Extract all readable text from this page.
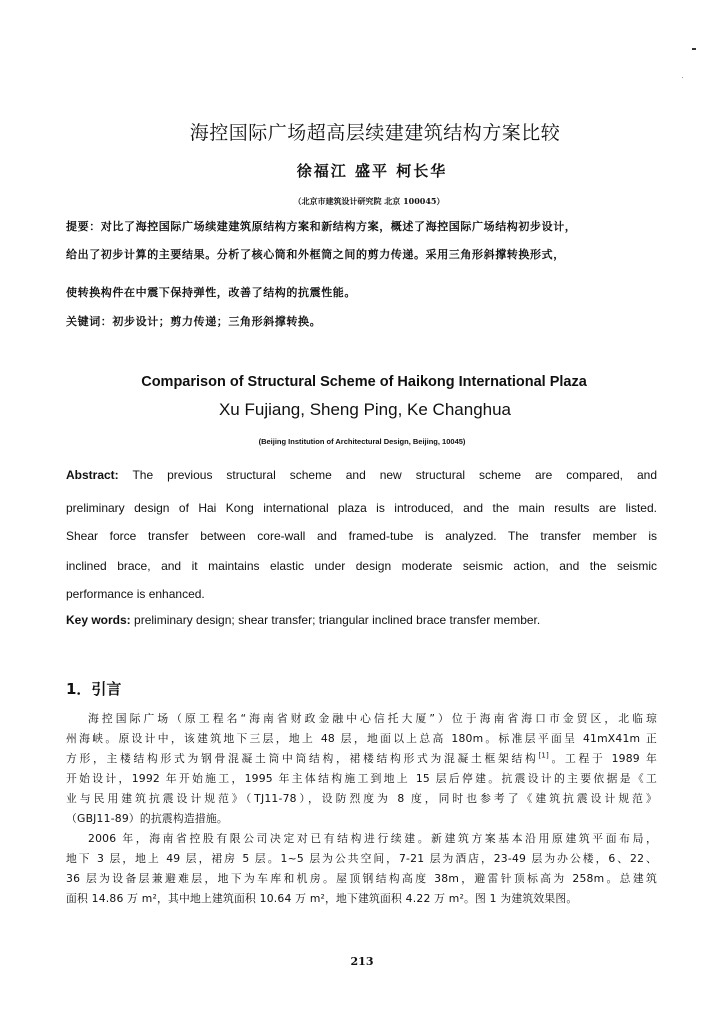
海控国际广场超高层续建建筑结构方案比较
徐福江 盛平 柯长华
（北京市建筑设计研究院 北京 100045）
提要：对比了海控国际广场续建建筑原结构方案和新结构方案，概述了海控国际广场结构初步设计，
给出了初步计算的主要结果。分析了核心筒和外框筒之间的剪力传递。采用三角形斜撑转换形式，
使转换构件在中震下保持弹性，改善了结构的抗震性能。
关键词：初步设计；剪力传递；三角形斜撑转换。
Comparison of Structural Scheme of Haikong International Plaza
Xu Fujiang, Sheng Ping, Ke Changhua
(Beijing Institution of Architectural Design, Beijing, 10045)
Abstract: The previous structural scheme and new structural scheme are compared, and
preliminary design of Hai Kong international plaza is introduced, and the main results are listed.
Shear force transfer between core-wall and framed-tube is analyzed. The transfer member is
inclined brace, and it maintains elastic under design moderate seismic action, and the seismic
performance is enhanced.
Key words: preliminary design; shear transfer; triangular inclined brace transfer member.
1．引言
海控国际广场（原工程名“海南省财政金融中心信托大厦”）位于海南省海口市金贸区，北临琼
州海峡。原设计中，该建筑地下三层，地上 48 层，地面以上总高 180m。标准层平面呈 41mX41m 正
方形，主楼结构形式为钢骨混凝土筒中筒结构，裙楼结构形式为混凝土框架结构[1]。工程于 1989 年
开始设计，1992 年开始施工，1995 年主体结构施工到地上 15 层后停建。抗震设计的主要依据是《工
业与民用建筑抗震设计规范》（TJ11-78），设防烈度为 8 度，同时也参考了《建筑抗震设计规范》
（GBJ11-89）的抗震构造措施。
2006 年，海南省控股有限公司决定对已有结构进行续建。新建筑方案基本沿用原建筑平面布局，
地下 3 层，地上 49 层，裙房 5 层。1~5 层为公共空间，7-21 层为酒店，23-49 层为办公楼，6、22、
36 层为设备层兼避难层，地下为车库和机房。屋顶钢结构高度 38m，避雷针顶标高为 258m。总建筑
面积 14.86 万 m²，其中地上建筑面积 10.64 万 m²，地下建筑面积 4.22 万 m²。图 1 为建筑效果图。
213
